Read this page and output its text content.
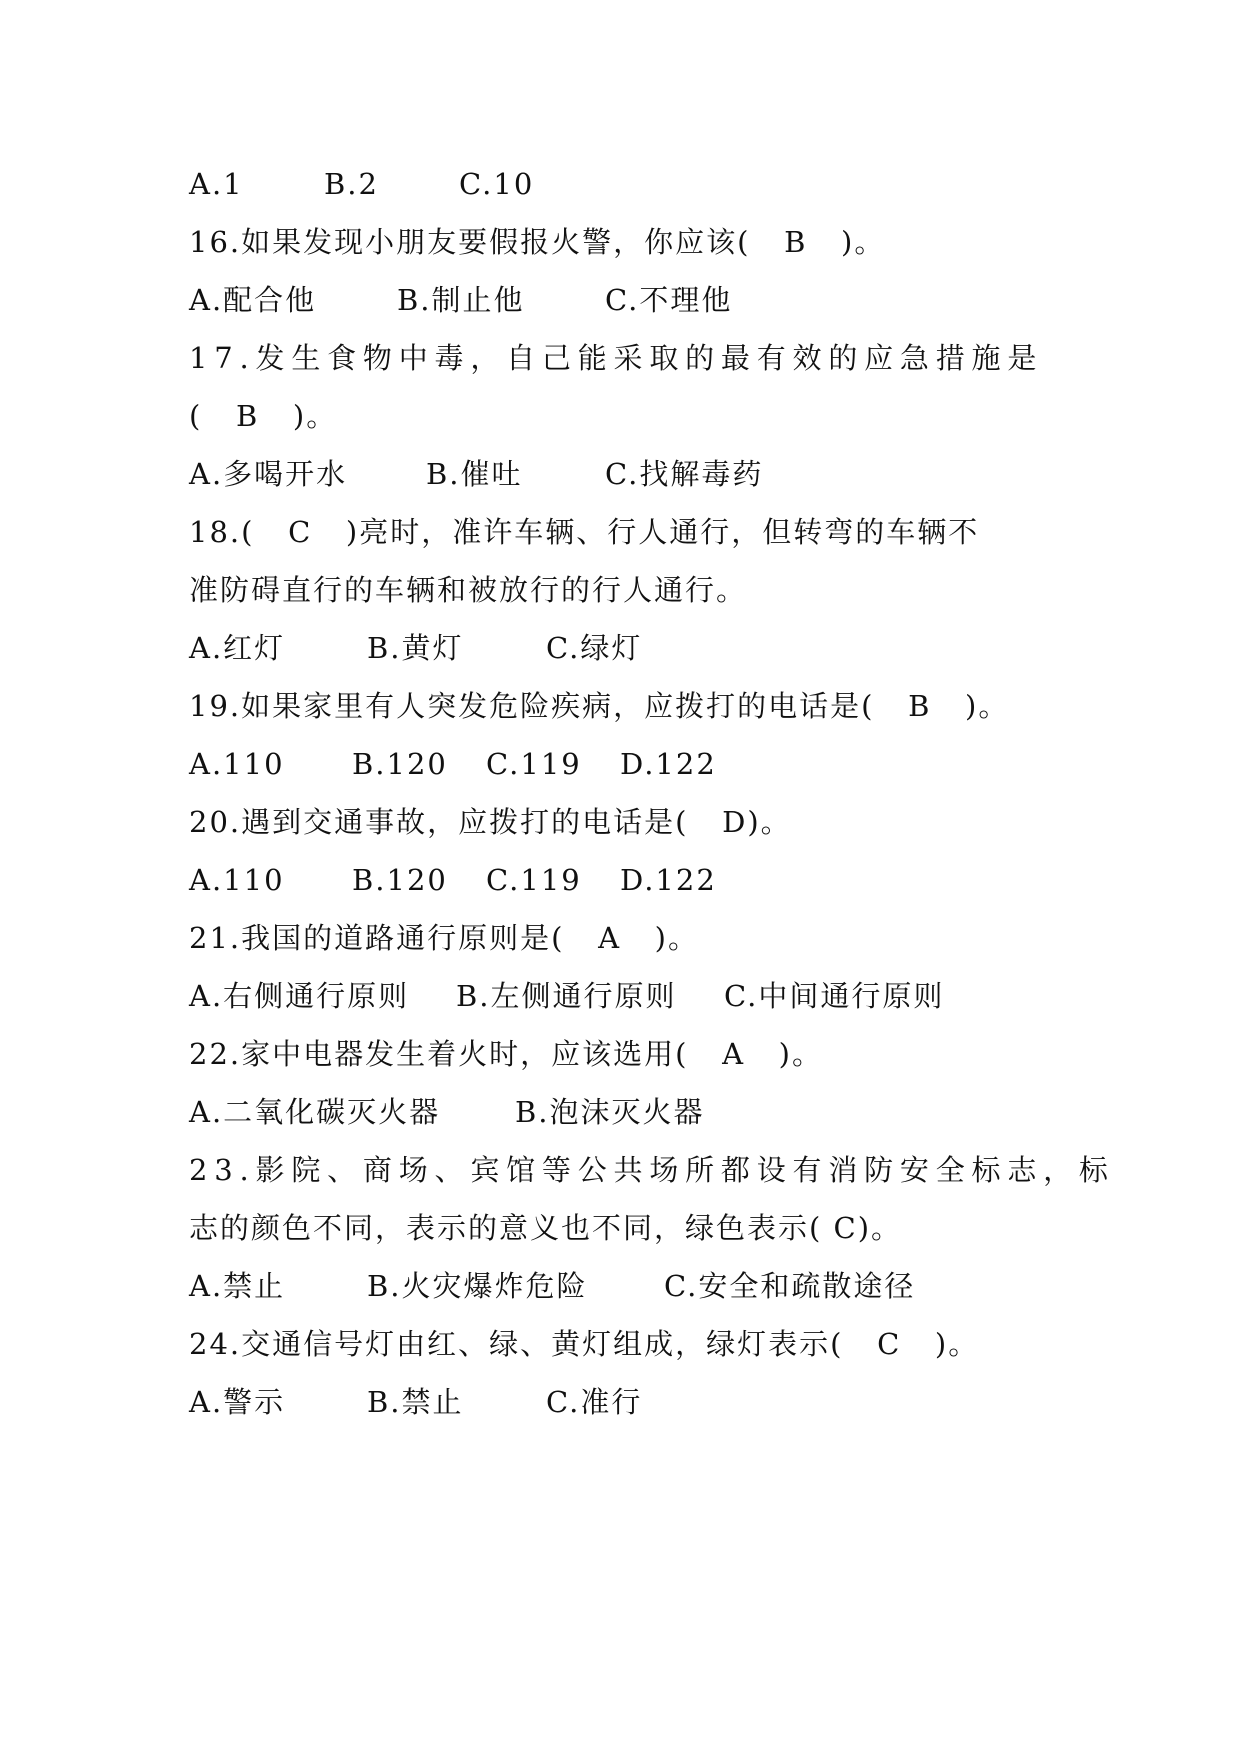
A.1

	B.2

	C.10

16.如果发现小朋友要假报火警，你应该(   B   )。

A.配合他

	B.制止他

	C.不理他

17.发生食物中毒，自己能采取的最有效的应急措施是
(   B   )。

A.多喝开水

	B.催吐

	C.找解毒药

18.(   C   )亮时，准许车辆、行人通行，但转弯的车辆不
准防碍直行的车辆和被放行的行人通行。

A.红灯

	B.黄灯

	C.绿灯

19.如果家里有人突发危险疾病，应拨打的电话是(   B   )。

A.110

B.120

C.119

D.122

20.遇到交通事故，应拨打的电话是(   D)。

A.110

B.120

C.119

D.122

21.我国的道路通行原则是(   A   )。

A.右侧通行原则

B.左侧通行原则

C.中间通行原则

22.家中电器发生着火时，应该选用(   A   )。

A.二氧化碳灭火器

	B.泡沫灭火器

23.影院、商场、宾馆等公共场所都设有消防安全标志，标
志的颜色不同，表示的意义也不同，绿色表示( C)。

A.禁止

	B.火灾爆炸危险

	C.安全和疏散途径

24.交通信号灯由红、绿、黄灯组成，绿灯表示(   C   )。

A.警示

	B.禁止

	C.准行
